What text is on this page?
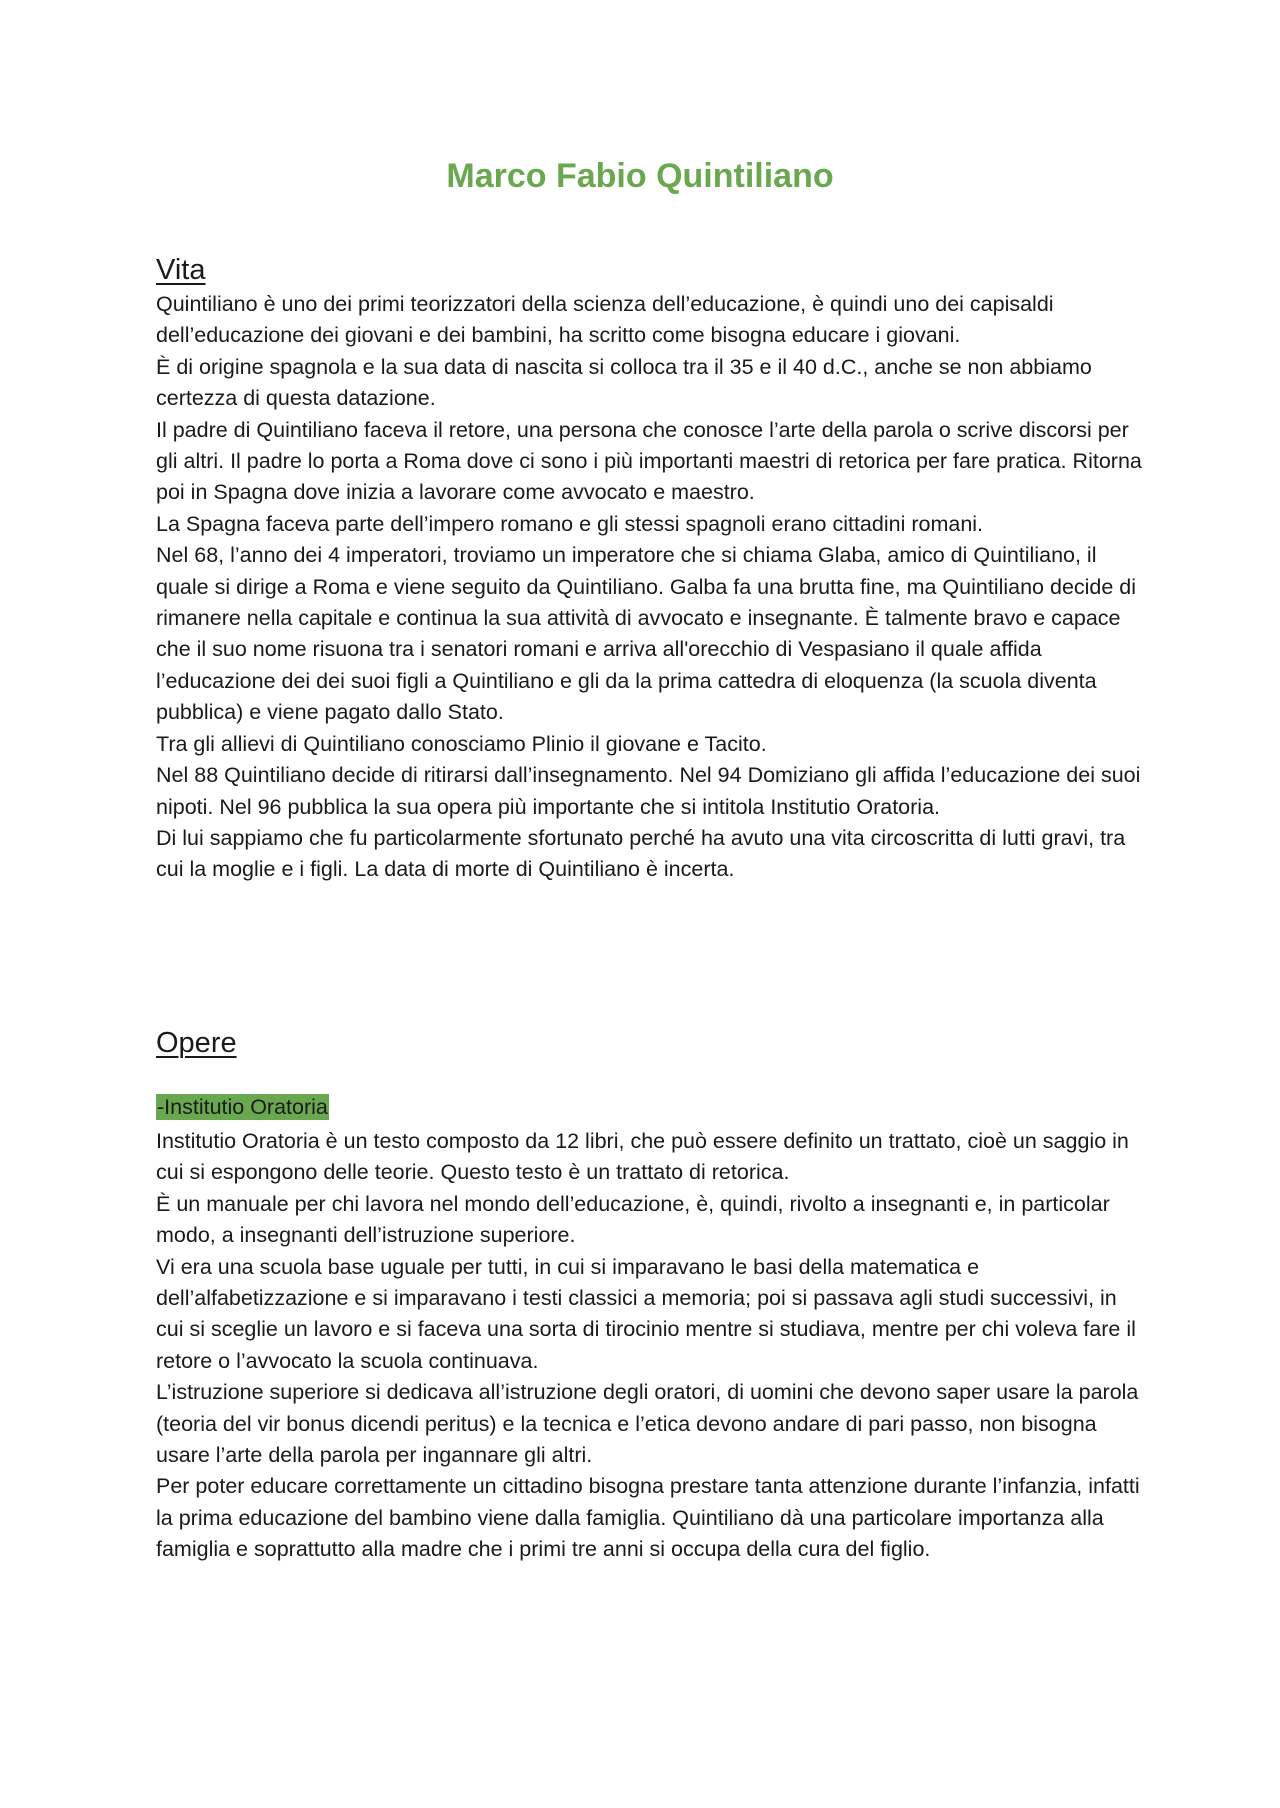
Marco Fabio Quintiliano
Vita

Quintiliano è uno dei primi teorizzatori della scienza dell’educazione, è quindi uno dei capisaldi dell’educazione dei giovani e dei bambini, ha scritto come bisogna educare i giovani.

È di origine spagnola e la sua data di nascita si colloca tra il 35 e il 40 d.C., anche se non abbiamo certezza di questa datazione.

Il padre di Quintiliano faceva il retore, una persona che conosce l’arte della parola o scrive discorsi per gli altri. Il padre lo porta a Roma dove ci sono i più importanti maestri di retorica per fare pratica. Ritorna poi in Spagna dove inizia a lavorare come avvocato e maestro.

La Spagna faceva parte dell’impero romano e gli stessi spagnoli erano cittadini romani.

Nel 68, l’anno dei 4 imperatori, troviamo un imperatore che si chiama Glaba, amico di Quintiliano, il quale si dirige a Roma e viene seguito da Quintiliano. Galba fa una brutta fine, ma Quintiliano decide di rimanere nella capitale e continua la sua attività di avvocato e insegnante. È talmente bravo e capace che il suo nome risuona tra i senatori romani e arriva all'orecchio di Vespasiano il quale affida l’educazione dei dei suoi figli a Quintiliano e gli da la prima cattedra di eloquenza (la scuola diventa pubblica) e viene pagato dallo Stato.

Tra gli allievi di Quintiliano conosciamo Plinio il giovane e Tacito.

Nel 88 Quintiliano decide di ritirarsi dall’insegnamento. Nel 94 Domiziano gli affida l’educazione dei suoi nipoti. Nel 96 pubblica la sua opera più importante che si intitola Institutio Oratoria.

Di lui sappiamo che fu particolarmente sfortunato perché ha avuto una vita circoscritta di lutti gravi, tra cui la moglie e i figli. La data di morte di Quintiliano è incerta.

Opere
-Institutio Oratoria

Institutio Oratoria è un testo composto da 12 libri, che può essere definito un trattato, cioè un saggio in cui si espongono delle teorie. Questo testo è un trattato di retorica.

È un manuale per chi lavora nel mondo dell’educazione, è, quindi, rivolto a insegnanti e, in particolar modo, a insegnanti dell’istruzione superiore.

Vi era una scuola base uguale per tutti, in cui si imparavano le basi della matematica e dell’alfabetizzazione e si imparavano i testi classici a memoria; poi si passava agli studi successivi, in cui si sceglie un lavoro e si faceva una sorta di tirocinio mentre si studiava, mentre per chi voleva fare il retore o l’avvocato la scuola continuava.

L’istruzione superiore si dedicava all’istruzione degli oratori, di uomini che devono saper usare la parola (teoria del vir bonus dicendi peritus) e la tecnica e l’etica devono andare di pari passo, non bisogna usare l’arte della parola per ingannare gli altri.

Per poter educare correttamente un cittadino bisogna prestare tanta attenzione durante l’infanzia, infatti la prima educazione del bambino viene dalla famiglia. Quintiliano dà una particolare importanza alla famiglia e soprattutto alla madre che i primi tre anni si occupa della cura del figlio.
